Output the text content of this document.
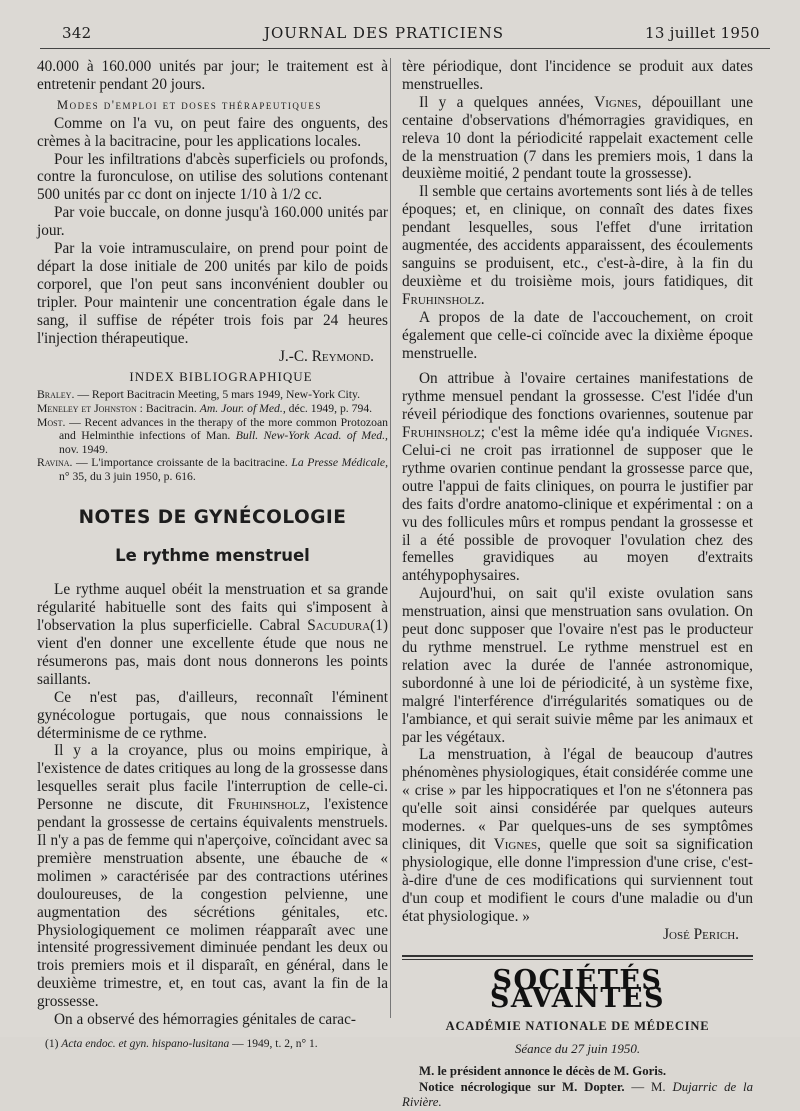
342	JOURNAL DES PRATICIENS	13 juillet 1950

40.000 à 160.000 unités par jour; le traitement est à entretenir pendant 20 jours.

Modes d'emploi et doses thérapeutiques

Comme on l'a vu, on peut faire des onguents, des crèmes à la bacitracine, pour les applications locales.

Pour les infiltrations d'abcès superficiels ou profonds, contre la furonculose, on utilise des solutions contenant 500 unités par cc dont on injecte 1/10 à 1/2 cc.

Par voie buccale, on donne jusqu'à 160.000 unités par jour.

Par la voie intramusculaire, on prend pour point de départ la dose initiale de 200 unités par kilo de poids corporel, que l'on peut sans inconvénient doubler ou tripler. Pour maintenir une concentration égale dans le sang, il suffise de répéter trois fois par 24 heures l'injection thérapeutique.

J.-C. Reymond.

INDEX BIBLIOGRAPHIQUE

Braley. — Report Bacitracin Meeting, 5 mars 1949, New-York City.

Meneley et Johnston : Bacitracin. Am. Jour. of Med., déc. 1949, p. 794.

Most. — Recent advances in the therapy of the more common Protozoan and Helminthie infections of Man. Bull. New-York Acad. of Med., nov. 1949.

Ravina. — L'importance croissante de la bacitracine. La Presse Médicale, n° 35, du 3 juin 1950, p. 616.

NOTES DE GYNÉCOLOGIE
Le rythme menstruel

Le rythme auquel obéit la menstruation et sa grande régularité habituelle sont des faits qui s'imposent à l'observation la plus superficielle. Cabral Sacudura(1) vient d'en donner une excellente étude que nous ne résumerons pas, mais dont nous donnerons les points saillants.

Ce n'est pas, d'ailleurs, reconnaît l'éminent gynécologue portugais, que nous connaissions le déterminisme de ce rythme.

Il y a la croyance, plus ou moins empirique, à l'existence de dates critiques au long de la grossesse dans lesquelles serait plus facile l'interruption de celle-ci. Personne ne discute, dit Fruhinsholz, l'existence pendant la grossesse de certains équivalents menstruels. Il n'y a pas de femme qui n'aperçoive, coïncidant avec sa première menstruation absente, une ébauche de « molimen » caractérisée par des contractions utérines douloureuses, de la congestion pelvienne, une augmentation des sécrétions génitales, etc. Physiologiquement ce molimen réapparaît avec une intensité progressivement diminuée pendant les deux ou trois premiers mois et il disparaît, en général, dans le deuxième trimestre, et, en tout cas, avant la fin de la grossesse.

On a observé des hémorragies génitales de carac-

(1) Acta endoc. et gyn. hispano-lusitana — 1949, t. 2, n° 1.

tère périodique, dont l'incidence se produit aux dates menstruelles.

Il y a quelques années, Vignes, dépouillant une centaine d'observations d'hémorragies gravidiques, en releva 10 dont la périodicité rappelait exactement celle de la menstruation (7 dans les premiers mois, 1 dans la deuxième moitié, 2 pendant toute la grossesse).

Il semble que certains avortements sont liés à de telles époques; et, en clinique, on connaît des dates fixes pendant lesquelles, sous l'effet d'une irritation augmentée, des accidents apparaissent, des écoulements sanguins se produisent, etc., c'est-à-dire, à la fin du deuxième et du troisième mois, jours fatidiques, dit Fruhinsholz.

A propos de la date de l'accouchement, on croit également que celle-ci coïncide avec la dixième époque menstruelle.

On attribue à l'ovaire certaines manifestations de rythme mensuel pendant la grossesse. C'est l'idée d'un réveil périodique des fonctions ovariennes, soutenue par Fruhinsholz; c'est la même idée qu'a indiquée Vignes. Celui-ci ne croit pas irrationnel de supposer que le rythme ovarien continue pendant la grossesse parce que, outre l'appui de faits cliniques, on pourra le justifier par des faits d'ordre anatomo-clinique et expérimental : on a vu des follicules mûrs et rompus pendant la grossesse et il a été possible de provoquer l'ovulation chez des femelles gravidiques au moyen d'extraits antéhypophysaires.

Aujourd'hui, on sait qu'il existe ovulation sans menstruation, ainsi que menstruation sans ovulation. On peut donc supposer que l'ovaire n'est pas le producteur du rythme menstruel. Le rythme menstruel est en relation avec la durée de l'année astronomique, subordonné à une loi de périodicité, à un système fixe, malgré l'interférence d'irrégularités somatiques ou de l'ambiance, et qui serait suivie même par les animaux et par les végétaux.

La menstruation, à l'égal de beaucoup d'autres phénomènes physiologiques, était considérée comme une « crise » par les hippocratiques et l'on ne s'étonnera pas qu'elle soit ainsi considérée par quelques auteurs modernes. « Par quelques-uns de ses symptômes cliniques, dit Vignes, quelle que soit sa signification physiologique, elle donne l'impression d'une crise, c'est-à-dire d'une de ces modifications qui surviennent tout d'un coup et modifient le cours d'une maladie ou d'un état physiologique. »

José Perich.

SOCIÉTÉS SAVANTES
ACADÉMIE NATIONALE DE MÉDECINE
Séance du 27 juin 1950.

M. le président annonce le décès de M. Goris.

Notice nécrologique sur M. Dopter. — M. Dujarric de la Rivière.
